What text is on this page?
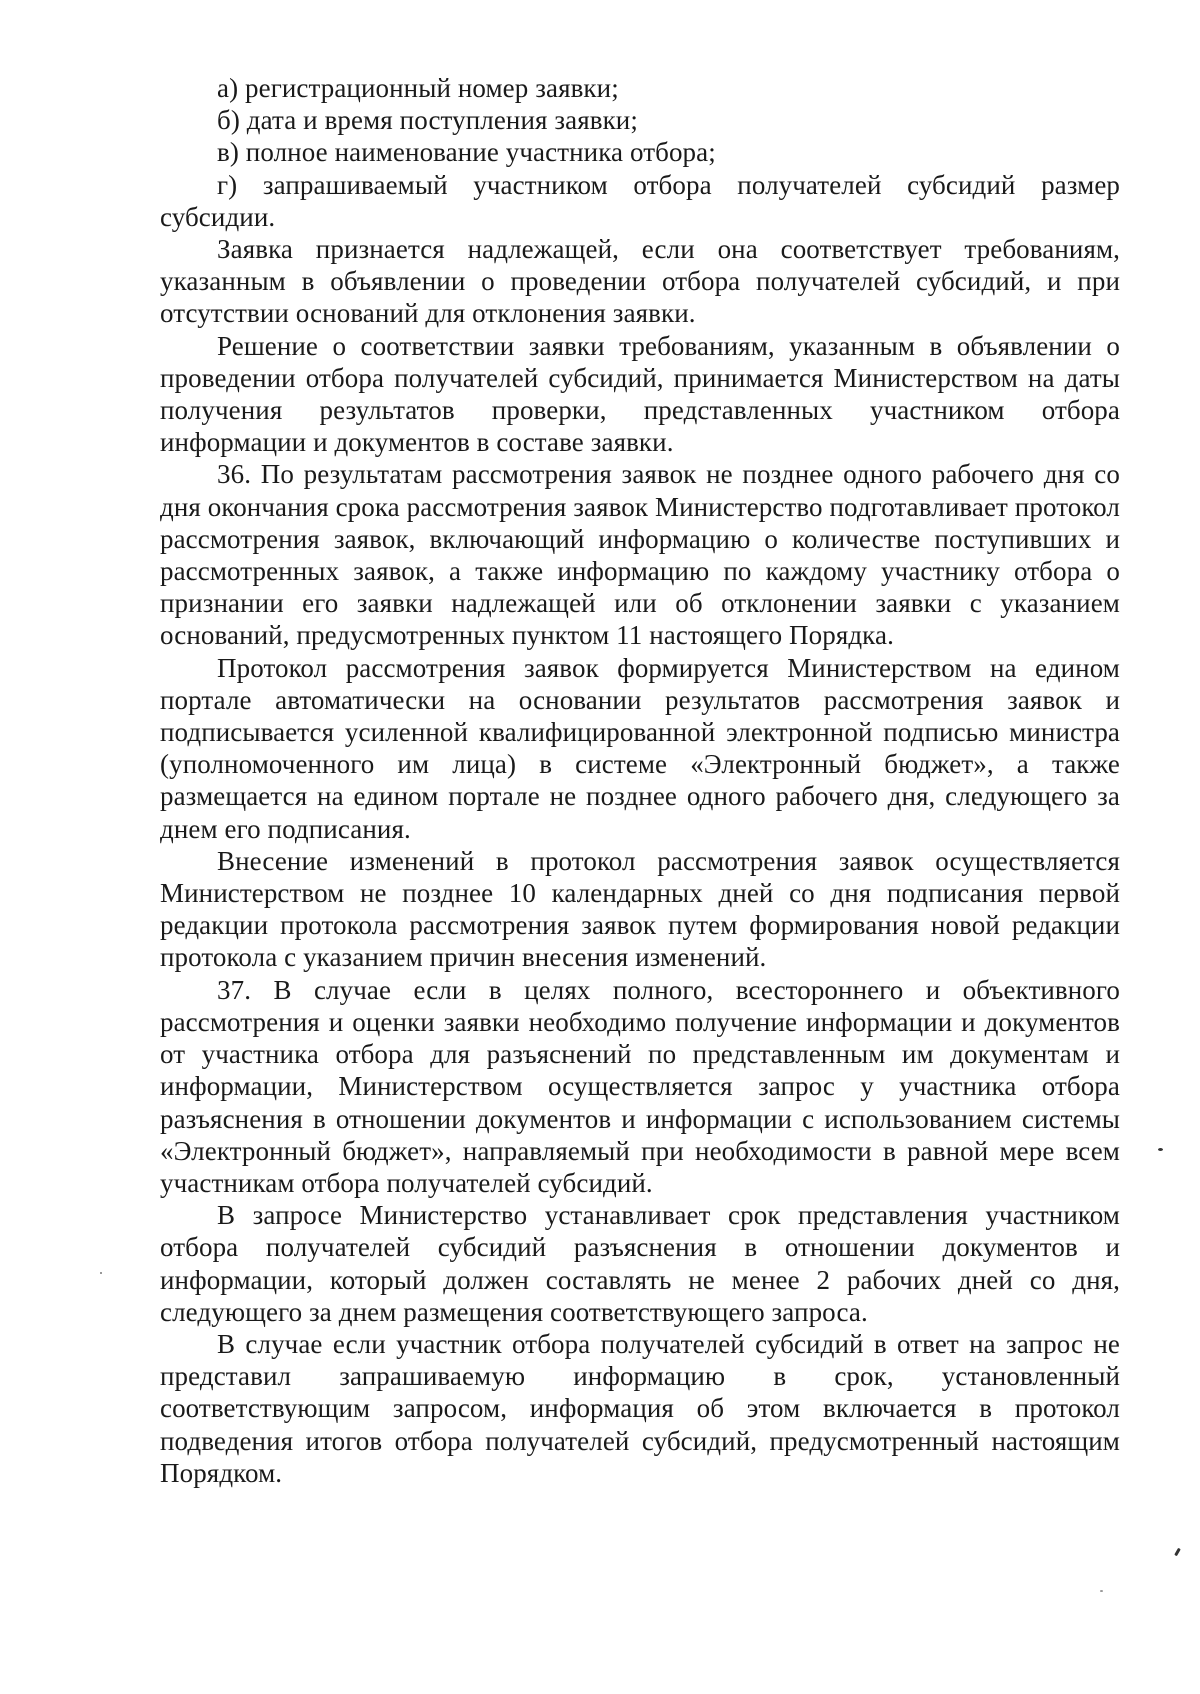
а) регистрационный номер заявки;

б) дата и время поступления заявки;

в) полное наименование участника отбора;

г) запрашиваемый участником отбора получателей субсидий размер субсидии.

Заявка признается надлежащей, если она соответствует требованиям, указанным в объявлении о проведении отбора получателей субсидий, и при отсутствии оснований для отклонения заявки.

Решение о соответствии заявки требованиям, указанным в объявлении о проведении отбора получателей субсидий, принимается Министерством на даты получения результатов проверки, представленных участником отбора информации и документов в составе заявки.

36. По результатам рассмотрения заявок не позднее одного рабочего дня со дня окончания срока рассмотрения заявок Министерство подготавливает протокол рассмотрения заявок, включающий информацию о количестве поступивших и рассмотренных заявок, а также информацию по каждому участнику отбора о признании его заявки надлежащей или об отклонении заявки с указанием оснований, предусмотренных пунктом 11 настоящего Порядка.

Протокол рассмотрения заявок формируется Министерством на едином портале автоматически на основании результатов рассмотрения заявок и подписывается усиленной квалифицированной электронной подписью министра (уполномоченного им лица) в системе «Электронный бюджет», а также размещается на едином портале не позднее одного рабочего дня, следующего за днем его подписания.

Внесение изменений в протокол рассмотрения заявок осуществляется Министерством не позднее 10 календарных дней со дня подписания первой редакции протокола рассмотрения заявок путем формирования новой редакции протокола с указанием причин внесения изменений.

37. В случае если в целях полного, всестороннего и объективного рассмотрения и оценки заявки необходимо получение информации и документов от участника отбора для разъяснений по представленным им документам и информации, Министерством осуществляется запрос у участника отбора разъяснения в отношении документов и информации с использованием системы «Электронный бюджет», направляемый при необходимости в равной мере всем участникам отбора получателей субсидий.

В запросе Министерство устанавливает срок представления участником отбора получателей субсидий разъяснения в отношении документов и информации, который должен составлять не менее 2 рабочих дней со дня, следующего за днем размещения соответствующего запроса.

В случае если участник отбора получателей субсидий в ответ на запрос не представил запрашиваемую информацию в срок, установленный соответствующим запросом, информация об этом включается в протокол подведения итогов отбора получателей субсидий, предусмотренный настоящим Порядком.
